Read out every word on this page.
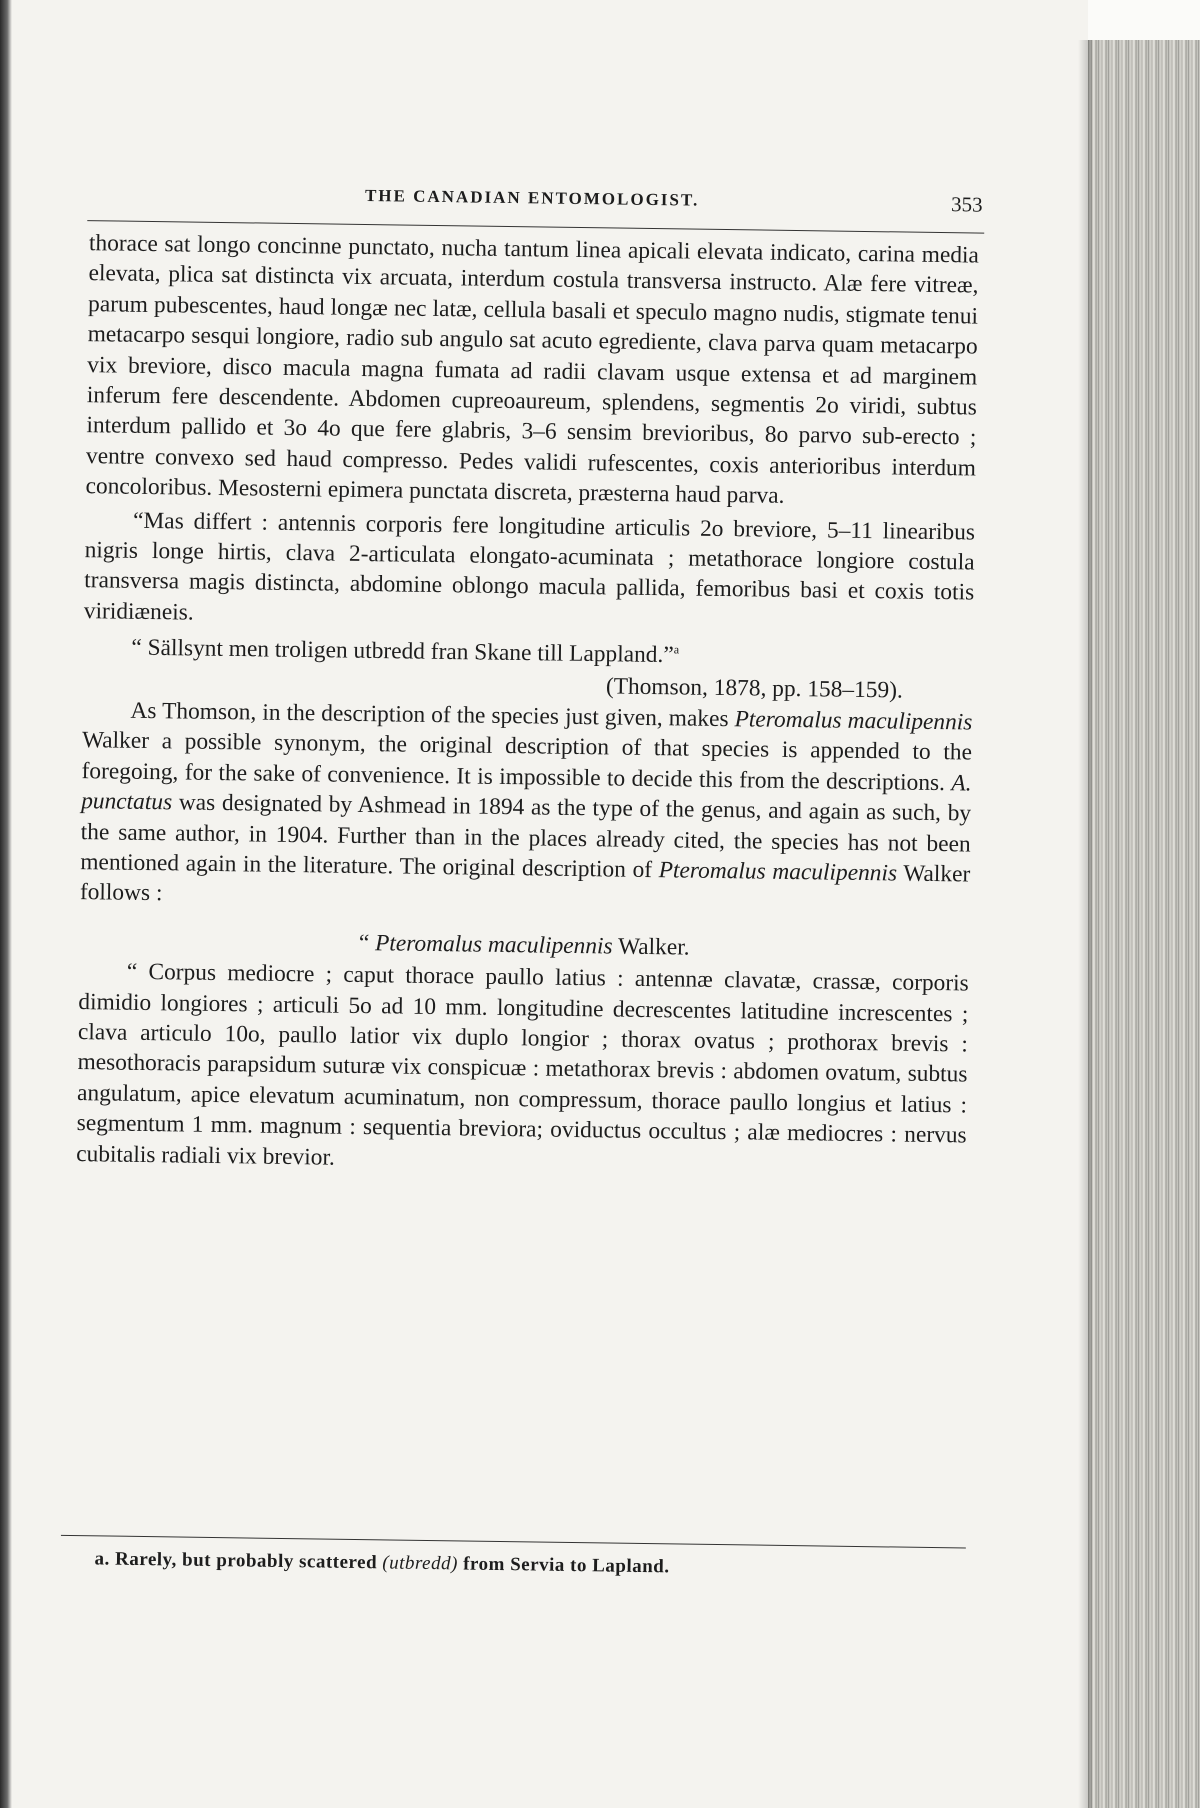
THE CANADIAN ENTOMOLOGIST.	353

thorace sat longo concinne punctato, nucha tantum linea apicali elevata indicato, carina media elevata, plica sat distincta vix arcuata, interdum costula transversa instructo. Alæ fere vitreæ, parum pubescentes, haud longæ nec latæ, cellula basali et speculo magno nudis, stigmate tenui metacarpo sesqui longiore, radio sub angulo sat acuto egrediente, clava parva quam metacarpo vix breviore, disco macula magna fumata ad radii clavam usque extensa et ad marginem inferum fere descendente. Abdomen cupreoaureum, splendens, segmentis 2o viridi, subtus interdum pallido et 3o 4o que fere glabris, 3–6 sensim brevioribus, 8o parvo sub-erecto ; ventre convexo sed haud compresso. Pedes validi rufescentes, coxis anterioribus interdum concoloribus. Mesosterni epimera punctata discreta, præsterna haud parva.

“Mas differt : antennis corporis fere longitudine articulis 2o breviore, 5–11 linearibus nigris longe hirtis, clava 2-articulata elongato-acuminata ; metathorace longiore costula transversa magis distincta, abdomine oblongo macula pallida, femoribus basi et coxis totis viridiæneis.

“ Sällsynt men troligen utbredd fran Skane till Lappland.”$^a$

(Thomson, 1878, pp. 158–159).

As Thomson, in the description of the species just given, makes Pteromalus maculipennis Walker a possible synonym, the original description of that species is appended to the foregoing, for the sake of convenience. It is impossible to decide this from the descriptions. A. punctatus was designated by Ashmead in 1894 as the type of the genus, and again as such, by the same author, in 1904. Further than in the places already cited, the species has not been mentioned again in the literature. The original description of Pteromalus maculipennis Walker follows :

“ Pteromalus maculipennis Walker.

“ Corpus mediocre ; caput thorace paullo latius : antennæ clavatæ, crassæ, corporis dimidio longiores ; articuli 5o ad 10 mm. longitudine decrescentes latitudine increscentes ; clava articulo 10o, paullo latior vix duplo longior ; thorax ovatus ; prothorax brevis : mesothoracis parapsidum suturæ vix conspicuæ : metathorax brevis : abdomen ovatum, subtus angulatum, apice elevatum acuminatum, non compressum, thorace paullo longius et latius : segmentum 1 mm. magnum : sequentia breviora; oviductus occultus ; alæ mediocres : nervus cubitalis radiali vix brevior.

a. Rarely, but probably scattered (utbredd) from Servia to Lapland.
